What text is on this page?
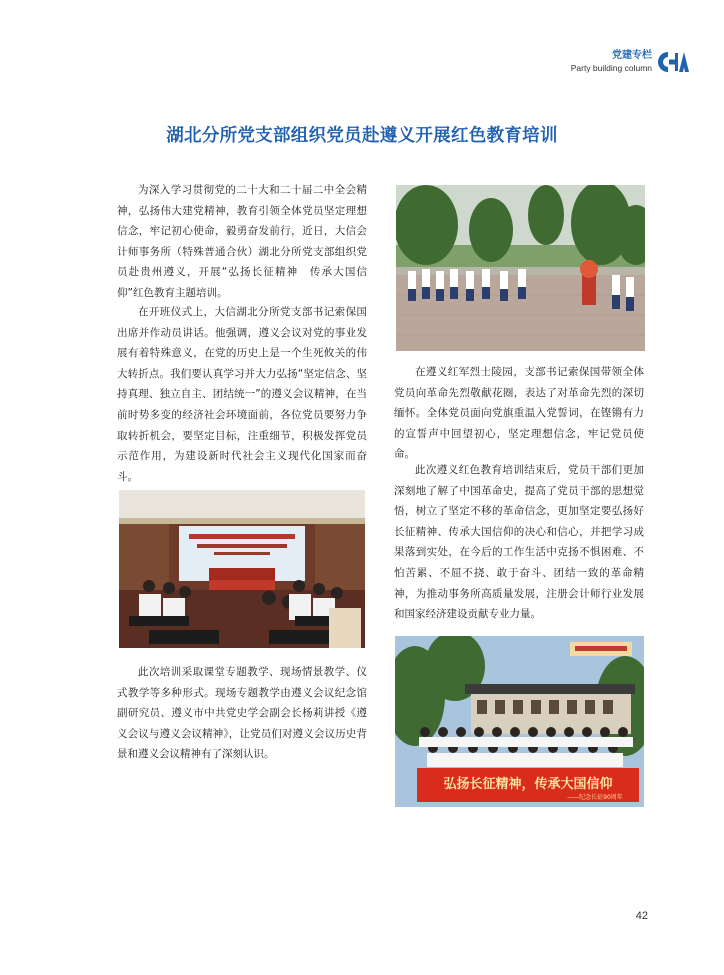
党建专栏
Party building column
湖北分所党支部组织党员赴遵义开展红色教育培训

为深入学习贯彻党的二十大和二十届二中全会精神，弘扬伟大建党精神，教育引领全体党员坚定理想信念，牢记初心使命，毅勇奋发前行，近日，大信会计师事务所（特殊普通合伙）湖北分所党支部组织党员赴贵州遵义，开展“弘扬长征精神　传承大国信仰”红色教育主题培训。

在开班仪式上，大信湖北分所党支部书记索保国出席并作动员讲话。他强调，遵义会议对党的事业发展有着特殊意义，在党的历史上是一个生死攸关的伟大转折点。我们要认真学习并大力弘扬“坚定信念、坚持真理、独立自主、团结统一”的遵义会议精神，在当前时势多变的经济社会环境面前，各位党员要努力争取转折机会，要坚定目标，注重细节，积极发挥党员示范作用，为建设新时代社会主义现代化国家而奋斗。

此次培训采取课堂专题教学、现场情景教学、仪式教学等多种形式。现场专题教学由遵义会议纪念馆副研究员、遵义市中共党史学会副会长杨莉讲授《遵义会议与遵义会议精神》，让党员们对遵义会议历史背景和遵义会议精神有了深刻认识。

在遵义红军烈士陵园，支部书记索保国带领全体党员向革命先烈敬献花圈，表达了对革命先烈的深切缅怀。全体党员面向党旗重温入党誓词，在铿锵有力的宣誓声中回望初心，坚定理想信念，牢记党员使命。

此次遵义红色教育培训结束后，党员干部们更加深刻地了解了中国革命史，提高了党员干部的思想觉悟，树立了坚定不移的革命信念，更加坚定要弘扬好长征精神、传承大国信仰的决心和信心，并把学习成果落到实处，在今后的工作生活中克扬不惧困难、不怕苦累、不屈不挠、敢于奋斗、团结一致的革命精神，为推动事务所高质量发展，注册会计师行业发展和国家经济建设贡献专业力量。

弘扬长征精神，传承大国信仰
——纪念长征90周年
42
